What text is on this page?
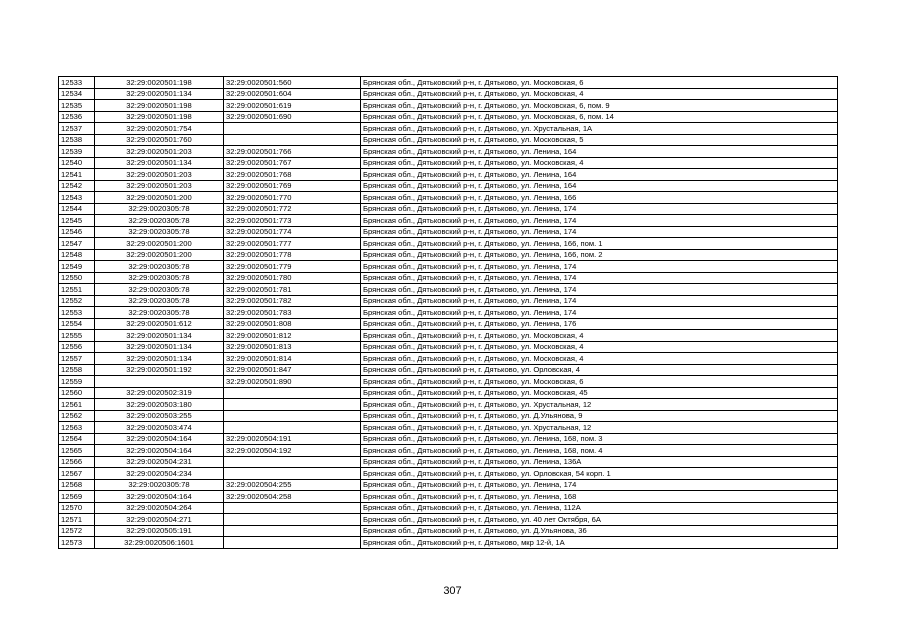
12533	32:29:0020501:198	32:29:0020501:560	Брянская обл., Дятьковский р-н, г. Дятьково, ул. Московская, 6
12534	32:29:0020501:134	32:29:0020501:604	Брянская обл., Дятьковский р-н, г. Дятьково, ул. Московская, 4
12535	32:29:0020501:198	32:29:0020501:619	Брянская обл., Дятьковский р-н, г. Дятьково, ул. Московская, 6, пом. 9
12536	32:29:0020501:198	32:29:0020501:690	Брянская обл., Дятьковский р-н, г. Дятьково, ул. Московская, 6, пом. 14
12537	32:29:0020501:754		Брянская обл., Дятьковский р-н, г. Дятьково, ул. Хрустальная, 1А
12538	32:29:0020501:760		Брянская обл., Дятьковский р-н, г. Дятьково, ул. Московская, 5
12539	32:29:0020501:203	32:29:0020501:766	Брянская обл., Дятьковский р-н, г. Дятьково, ул. Ленина, 164
12540	32:29:0020501:134	32:29:0020501:767	Брянская обл., Дятьковский р-н, г. Дятьково, ул. Московская, 4
12541	32:29:0020501:203	32:29:0020501:768	Брянская обл., Дятьковский р-н, г. Дятьково, ул. Ленина, 164
12542	32:29:0020501:203	32:29:0020501:769	Брянская обл., Дятьковский р-н, г. Дятьково, ул. Ленина, 164
12543	32:29:0020501:200	32:29:0020501:770	Брянская обл., Дятьковский р-н, г. Дятьково, ул. Ленина, 166
12544	32:29:0020305:78	32:29:0020501:772	Брянская обл., Дятьковский р-н, г. Дятьково, ул. Ленина, 174
12545	32:29:0020305:78	32:29:0020501:773	Брянская обл., Дятьковский р-н, г. Дятьково, ул. Ленина, 174
12546	32:29:0020305:78	32:29:0020501:774	Брянская обл., Дятьковский р-н, г. Дятьково, ул. Ленина, 174
12547	32:29:0020501:200	32:29:0020501:777	Брянская обл., Дятьковский р-н, г. Дятьково, ул. Ленина, 166, пом. 1
12548	32:29:0020501:200	32:29:0020501:778	Брянская обл., Дятьковский р-н, г. Дятьково, ул. Ленина, 166, пом. 2
12549	32:29:0020305:78	32:29:0020501:779	Брянская обл., Дятьковский р-н, г. Дятьково, ул. Ленина, 174
12550	32:29:0020305:78	32:29:0020501:780	Брянская обл., Дятьковский р-н, г. Дятьково, ул. Ленина, 174
12551	32:29:0020305:78	32:29:0020501:781	Брянская обл., Дятьковский р-н, г. Дятьково, ул. Ленина, 174
12552	32:29:0020305:78	32:29:0020501:782	Брянская обл., Дятьковский р-н, г. Дятьково, ул. Ленина, 174
12553	32:29:0020305:78	32:29:0020501:783	Брянская обл., Дятьковский р-н, г. Дятьково, ул. Ленина, 174
12554	32:29:0020501:612	32:29:0020501:808	Брянская обл., Дятьковский р-н, г. Дятьково, ул. Ленина, 176
12555	32:29:0020501:134	32:29:0020501:812	Брянская обл., Дятьковский р-н, г. Дятьково, ул. Московская, 4
12556	32:29:0020501:134	32:29:0020501:813	Брянская обл., Дятьковский р-н, г. Дятьково, ул. Московская, 4
12557	32:29:0020501:134	32:29:0020501:814	Брянская обл., Дятьковский р-н, г. Дятьково, ул. Московская, 4
12558	32:29:0020501:192	32:29:0020501:847	Брянская обл., Дятьковский р-н, г. Дятьково, ул. Орловская, 4
12559		32:29:0020501:890	Брянская обл., Дятьковский р-н, г. Дятьково, ул. Московская, 6
12560	32:29:0020502:319		Брянская обл., Дятьковский р-н, г. Дятьково, ул. Московская, 45
12561	32:29:0020503:180		Брянская обл., Дятьковский р-н, г. Дятьково, ул. Хрустальная, 12
12562	32:29:0020503:255		Брянская обл., Дятьковский р-н, г. Дятьково, ул. Д.Ульянова, 9
12563	32:29:0020503:474		Брянская обл., Дятьковский р-н, г. Дятьково, ул. Хрустальная, 12
12564	32:29:0020504:164	32:29:0020504:191	Брянская обл., Дятьковский р-н, г. Дятьково, ул. Ленина, 168, пом. 3
12565	32:29:0020504:164	32:29:0020504:192	Брянская обл., Дятьковский р-н, г. Дятьково, ул. Ленина, 168, пом. 4
12566	32:29:0020504:231		Брянская обл., Дятьковский р-н, г. Дятьково, ул. Ленина, 136А
12567	32:29:0020504:234		Брянская обл., Дятьковский р-н, г. Дятьково, ул. Орловская, 54 корп. 1
12568	32:29:0020305:78	32:29:0020504:255	Брянская обл., Дятьковский р-н, г. Дятьково, ул. Ленина, 174
12569	32:29:0020504:164	32:29:0020504:258	Брянская обл., Дятьковский р-н, г. Дятьково, ул. Ленина, 168
12570	32:29:0020504:264		Брянская обл., Дятьковский р-н, г. Дятьково, ул. Ленина, 112А
12571	32:29:0020504:271		Брянская обл., Дятьковский р-н, г. Дятьково, ул. 40 лет Октября, 6А
12572	32:29:0020505:191		Брянская обл., Дятьковский р-н, г. Дятьково, ул. Д.Ульянова, 36
12573	32:29:0020506:1601		Брянская обл., Дятьковский р-н, г. Дятьково, мкр 12-й, 1А
307
